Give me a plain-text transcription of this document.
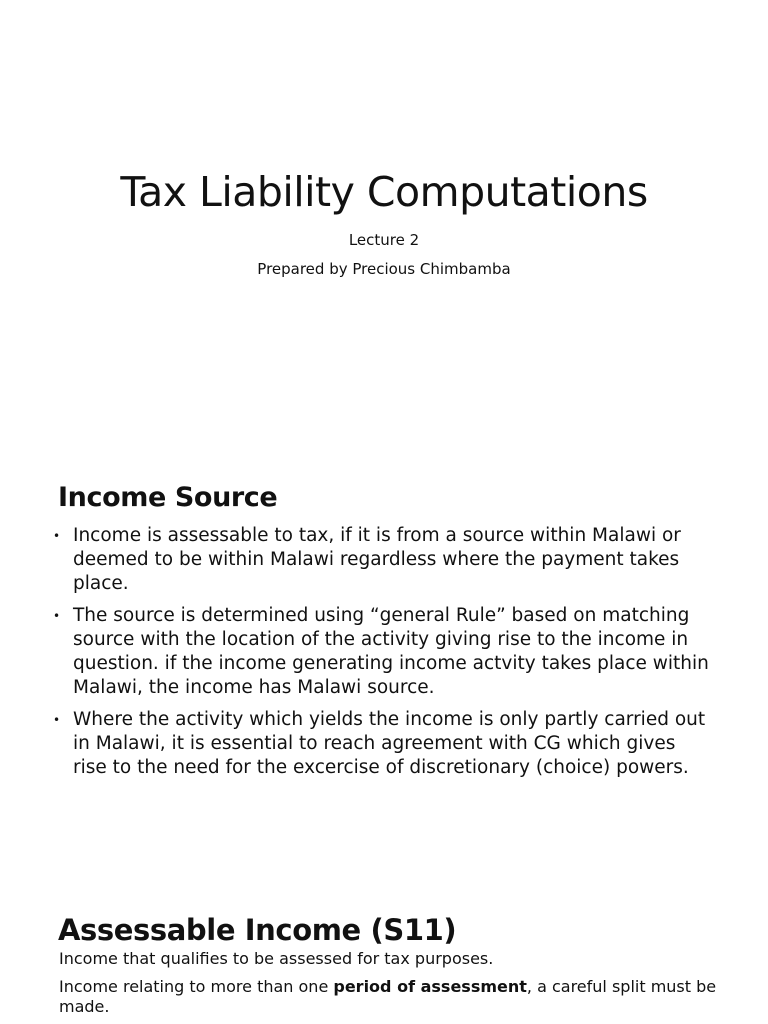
Tax Liability Computations

Lecture 2

Prepared by Precious Chimbamba

Income Source
• Income is assessable to tax, if it is from a source within Malawi or deemed to be within Malawi regardless where the payment takes place.
• The source is determined using “general Rule” based on matching source with the location of the activity giving rise to the income in question. if the income generating income actvity takes place within Malawi, the income has Malawi source.
• Where the activity which yields the income is only partly carried out in Malawi, it is essential to reach agreement with CG which gives rise to the need for the excercise of discretionary (choice) powers.
Assessable Income (S11)

Income that qualifies to be assessed for tax purposes.

Income relating to more than one period of assessment, a careful split must be made.
